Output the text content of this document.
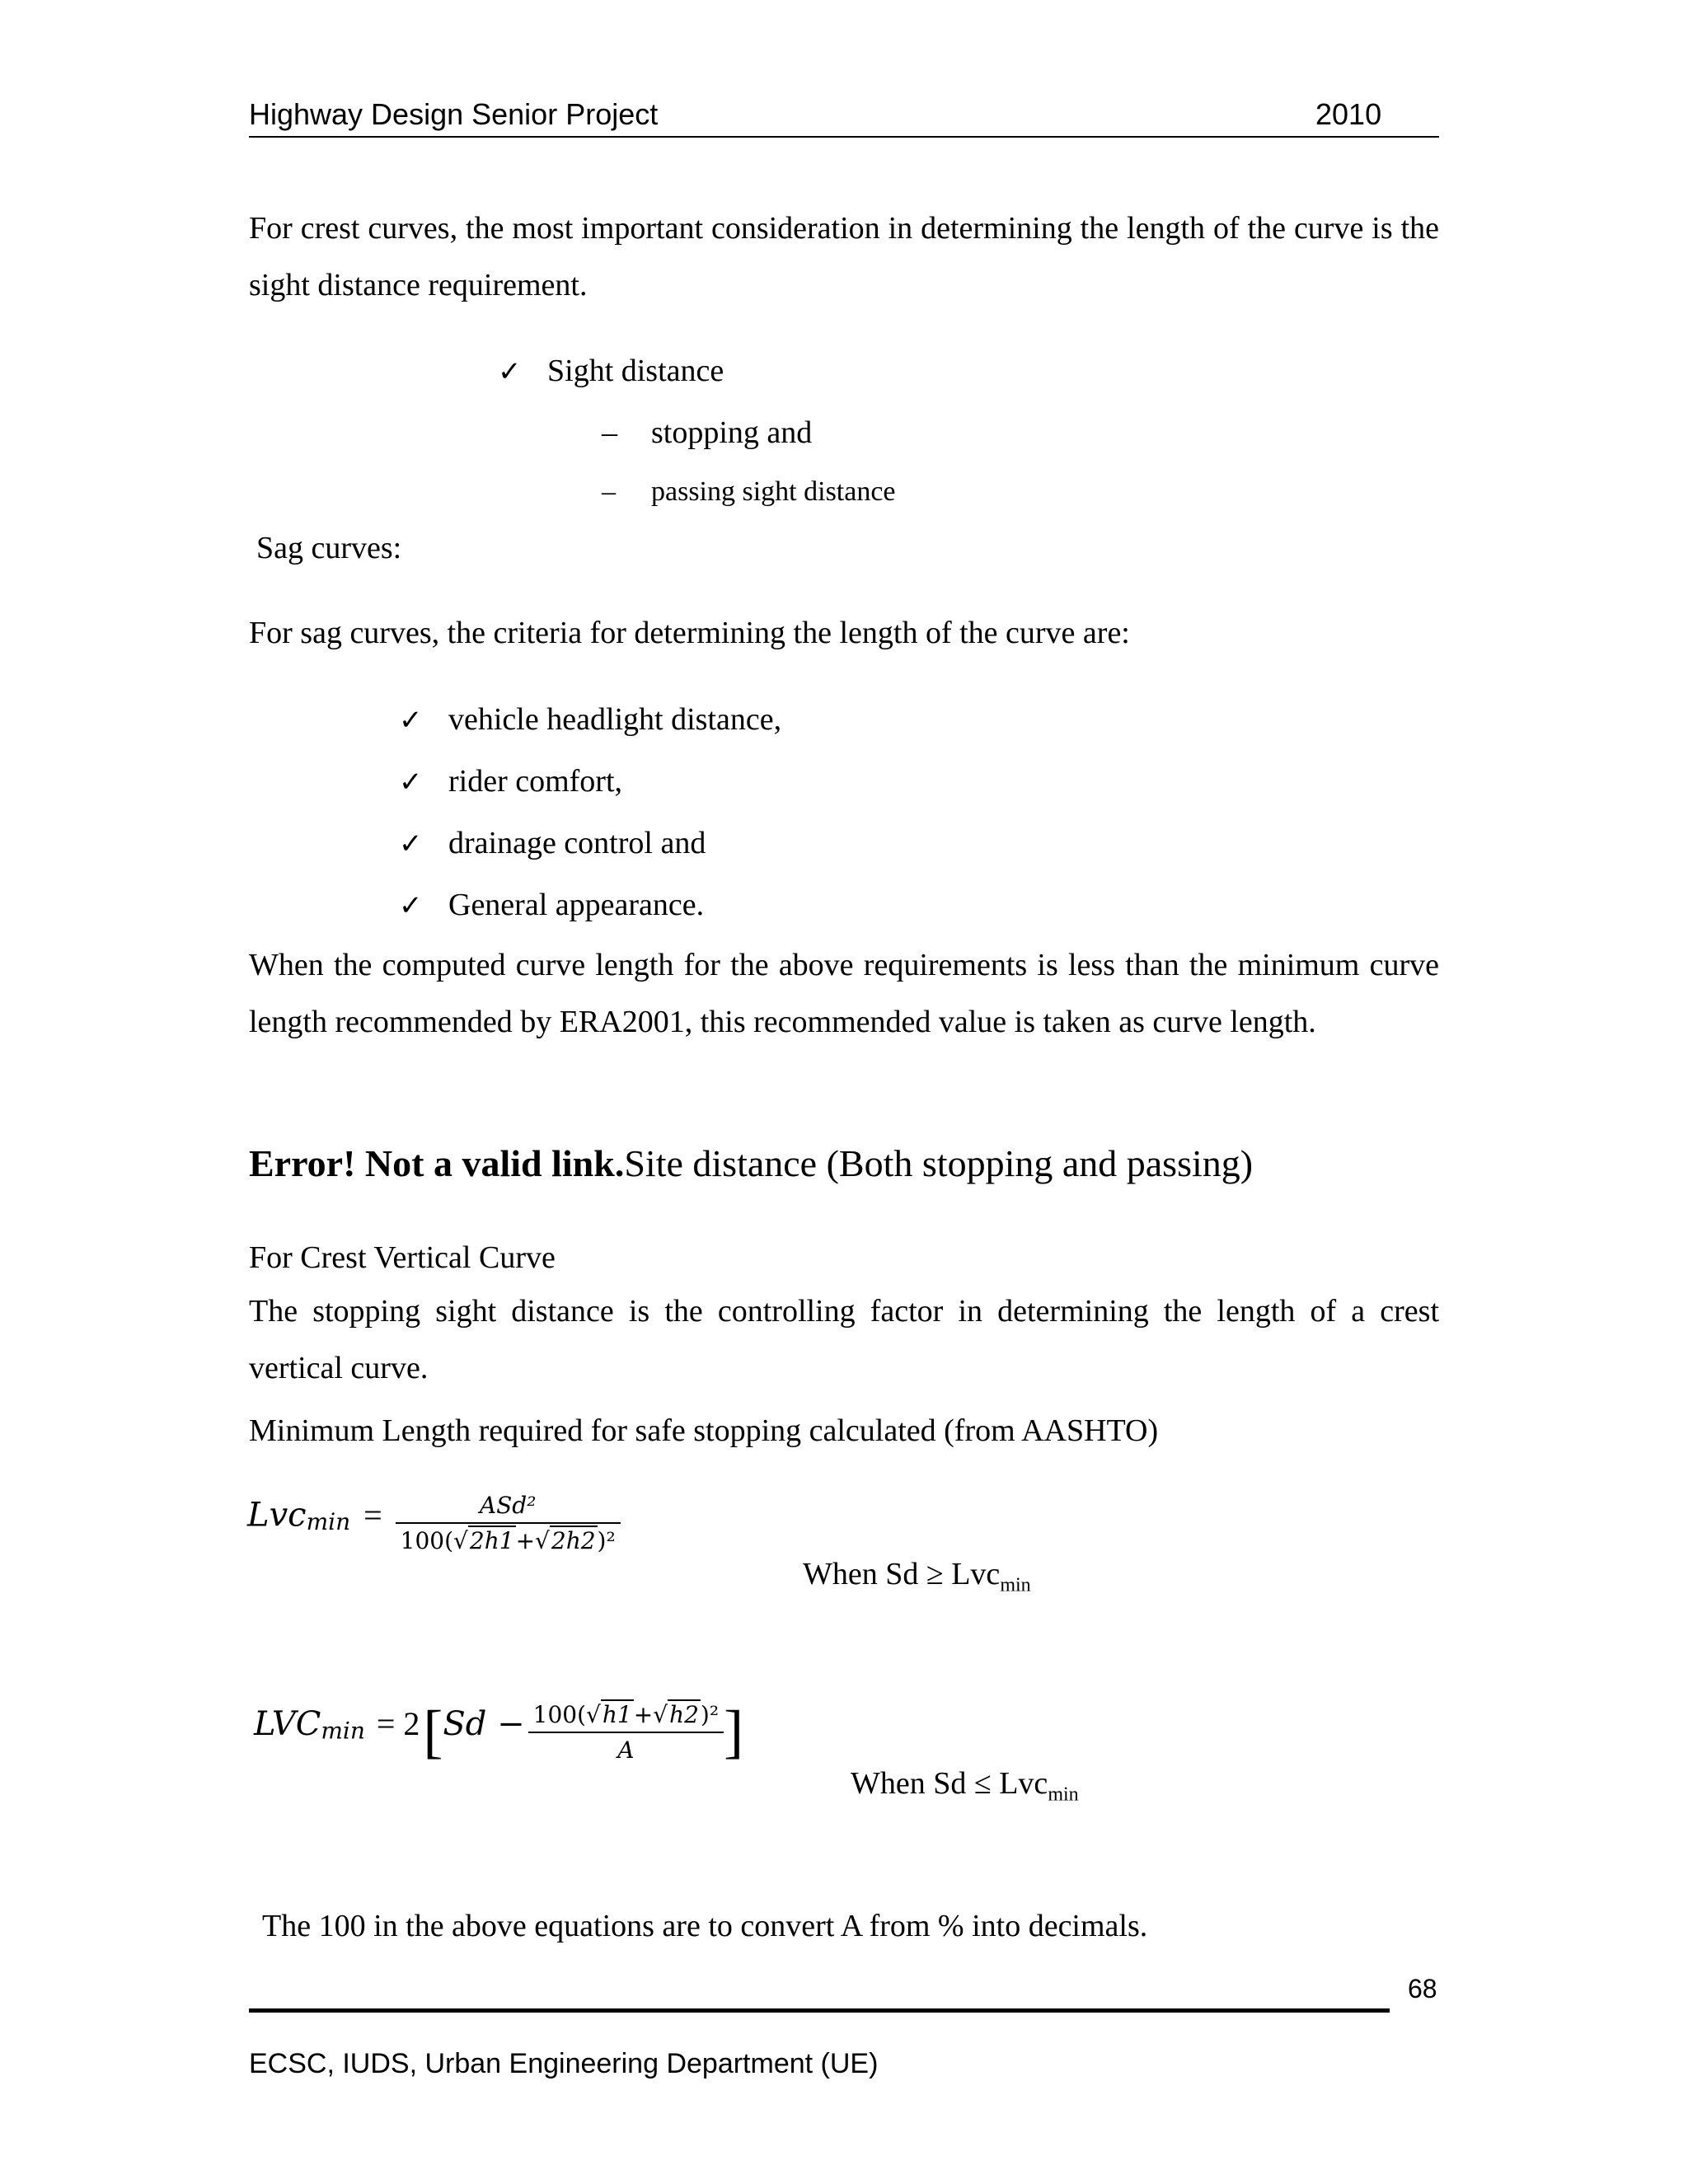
Highway Design Senior Project	2010
For crest curves, the most important consideration in determining the length of the curve is the sight distance requirement.
✓ Sight distance
– stopping and
– passing sight distance
Sag curves:
For sag curves, the criteria for determining the length of the curve are:
✓ vehicle headlight distance,
✓ rider comfort,
✓ drainage control and
✓ General appearance.
When the computed curve length for the above requirements is less than the minimum curve length recommended by ERA2001, this recommended value is taken as curve length.
Error! Not a valid link.Site distance (Both stopping and passing)
For Crest Vertical Curve
The stopping sight distance is the controlling factor in determining the length of a crest vertical curve.
Minimum Length required for safe stopping calculated (from AASHTO)
$Lvc_{min} = \frac{\text{ASd²}}{\text{100(√2h1+√2h2)²}}$
When Sd ≥ Lvc$_{min}$
$LVC_{min} = 2$ [$Sd - \frac{\text{100(√h1+√h2)²}}{A}$ ]
When Sd ≤ Lvc$_{min}$
The 100 in the above equations are to convert A from % into decimals.
68
ECSC, IUDS, Urban Engineering Department (UE)
